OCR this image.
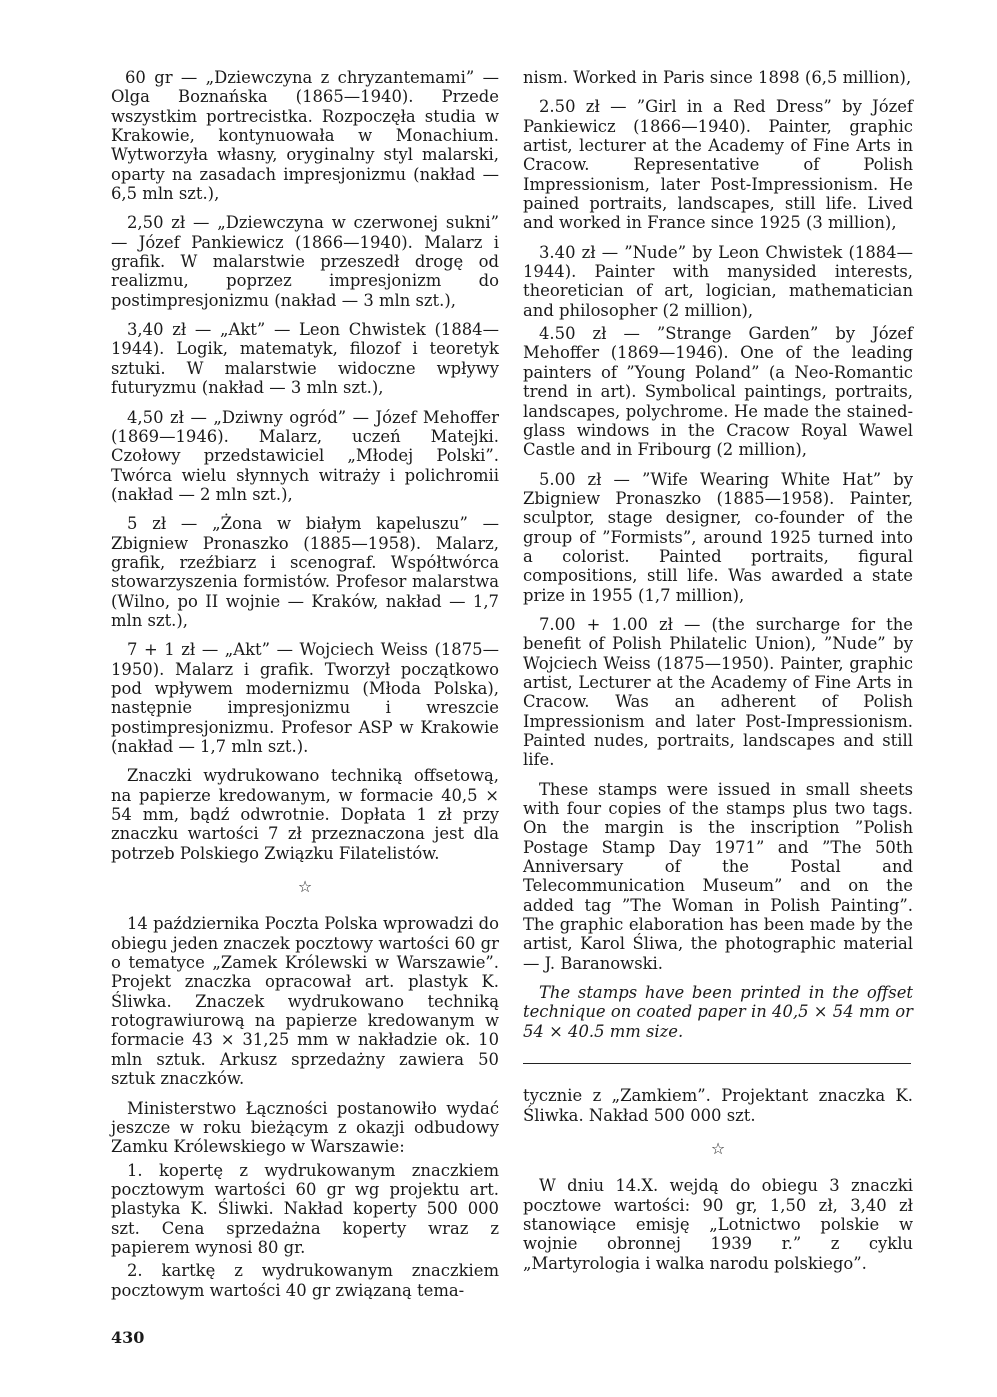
60 gr — „Dziewczyna z chryzantemami” — Olga Boznańska (1865—1940). Przede wszystkim portrecistka. Rozpoczęła studia w Krakowie, kontynuowała w Monachium. Wytworzyła własny, oryginalny styl malarski, oparty na zasadach impresjonizmu (nakład — 6,5 mln szt.),

2,50 zł — „Dziewczyna w czerwonej sukni” — Józef Pankiewicz (1866—1940). Malarz i grafik. W malarstwie przeszedł drogę od realizmu, poprzez impresjonizm do postimpresjonizmu (nakład — 3 mln szt.),

3,40 zł — „Akt” — Leon Chwistek (1884—1944). Logik, matematyk, filozof i teoretyk sztuki. W malarstwie widoczne wpływy futuryzmu (nakład — 3 mln szt.),

4,50 zł — „Dziwny ogród” — Józef Mehoffer (1869—1946). Malarz, uczeń Matejki. Czołowy przedstawiciel „Młodej Polski”. Twórca wielu słynnych witraży i polichromii (nakład — 2 mln szt.),

5 zł — „Żona w białym kapeluszu” — Zbigniew Pronaszko (1885—1958). Malarz, grafik, rzeźbiarz i scenograf. Współtwórca stowarzyszenia formistów. Profesor malarstwa (Wilno, po II wojnie — Kraków, nakład — 1,7 mln szt.),

7 + 1 zł — „Akt” — Wojciech Weiss (1875—1950). Malarz i grafik. Tworzył początkowo pod wpływem modernizmu (Młoda Polska), następnie impresjonizmu i wreszcie postimpresjonizmu. Profesor ASP w Krakowie (nakład — 1,7 mln szt.).

Znaczki wydrukowano techniką offsetową, na papierze kredowanym, w formacie 40,5 × 54 mm, bądź odwrotnie. Dopłata 1 zł przy znaczku wartości 7 zł przeznaczona jest dla potrzeb Polskiego Związku Filatelistów.

☆

14 października Poczta Polska wprowadzi do obiegu jeden znaczek pocztowy wartości 60 gr o tematyce „Zamek Królewski w Warszawie”. Projekt znaczka opracował art. plastyk K. Śliwka. Znaczek wydrukowano techniką rotograwiurową na papierze kredowanym w formacie 43 × 31,25 mm w nakładzie ok. 10 mln sztuk. Arkusz sprzedażny zawiera 50 sztuk znaczków.

Ministerstwo Łączności postanowiło wydać jeszcze w roku bieżącym z okazji odbudowy Zamku Królewskiego w Warszawie:

1. kopertę z wydrukowanym znaczkiem pocztowym wartości 60 gr wg projektu art. plastyka K. Śliwki. Nakład koperty 500 000 szt. Cena sprzedażna koperty wraz z papierem wynosi 80 gr.

2. kartkę z wydrukowanym znaczkiem pocztowym wartości 40 gr związaną tema-

nism. Worked in Paris since 1898 (6,5 million),

2.50 zł — ”Girl in a Red Dress” by Józef Pankiewicz (1866—1940). Painter, graphic artist, lecturer at the Academy of Fine Arts in Cracow. Representative of Polish Impressionism, later Post-Impressionism. He pained portraits, landscapes, still life. Lived and worked in France since 1925 (3 million),

3.40 zł — ”Nude” by Leon Chwistek (1884—1944). Painter with manysided interests, theoretician of art, logician, mathematician and philosopher (2 million),

4.50 zł — ”Strange Garden” by Józef Mehoffer (1869—1946). One of the leading painters of ”Young Poland” (a Neo-Romantic trend in art). Symbolical paintings, portraits, landscapes, polychrome. He made the stained-glass windows in the Cracow Royal Wawel Castle and in Fribourg (2 million),

5.00 zł — ”Wife Wearing White Hat” by Zbigniew Pronaszko (1885—1958). Painter, sculptor, stage designer, co-founder of the group of ”Formists”, around 1925 turned into a colorist. Painted portraits, figural compositions, still life. Was awarded a state prize in 1955 (1,7 million),

7.00 + 1.00 zł — (the surcharge for the benefit of Polish Philatelic Union), ”Nude” by Wojciech Weiss (1875—1950). Painter, graphic artist, Lecturer at the Academy of Fine Arts in Cracow. Was an adherent of Polish Impressionism and later Post-Impressionism. Painted nudes, portraits, landscapes and still life.

These stamps were issued in small sheets with four copies of the stamps plus two tags. On the margin is the inscription ”Polish Postage Stamp Day 1971” and ”The 50th Anniversary of the Postal and Telecommunication Museum” and on the added tag ”The Woman in Polish Painting”. The graphic elaboration has been made by the artist, Karol Śliwa, the photographic material — J. Baranowski.

The stamps have been printed in the offset technique on coated paper in 40,5 × 54 mm or 54 × 40.5 mm size.

tycznie z „Zamkiem”. Projektant znaczka K. Śliwka. Nakład 500 000 szt.

☆

W dniu 14.X. wejdą do obiegu 3 znaczki pocztowe wartości: 90 gr, 1,50 zł, 3,40 zł stanowiące emisję „Lotnictwo polskie w wojnie obronnej 1939 r.” z cyklu „Martyrologia i walka narodu polskiego”.

430
